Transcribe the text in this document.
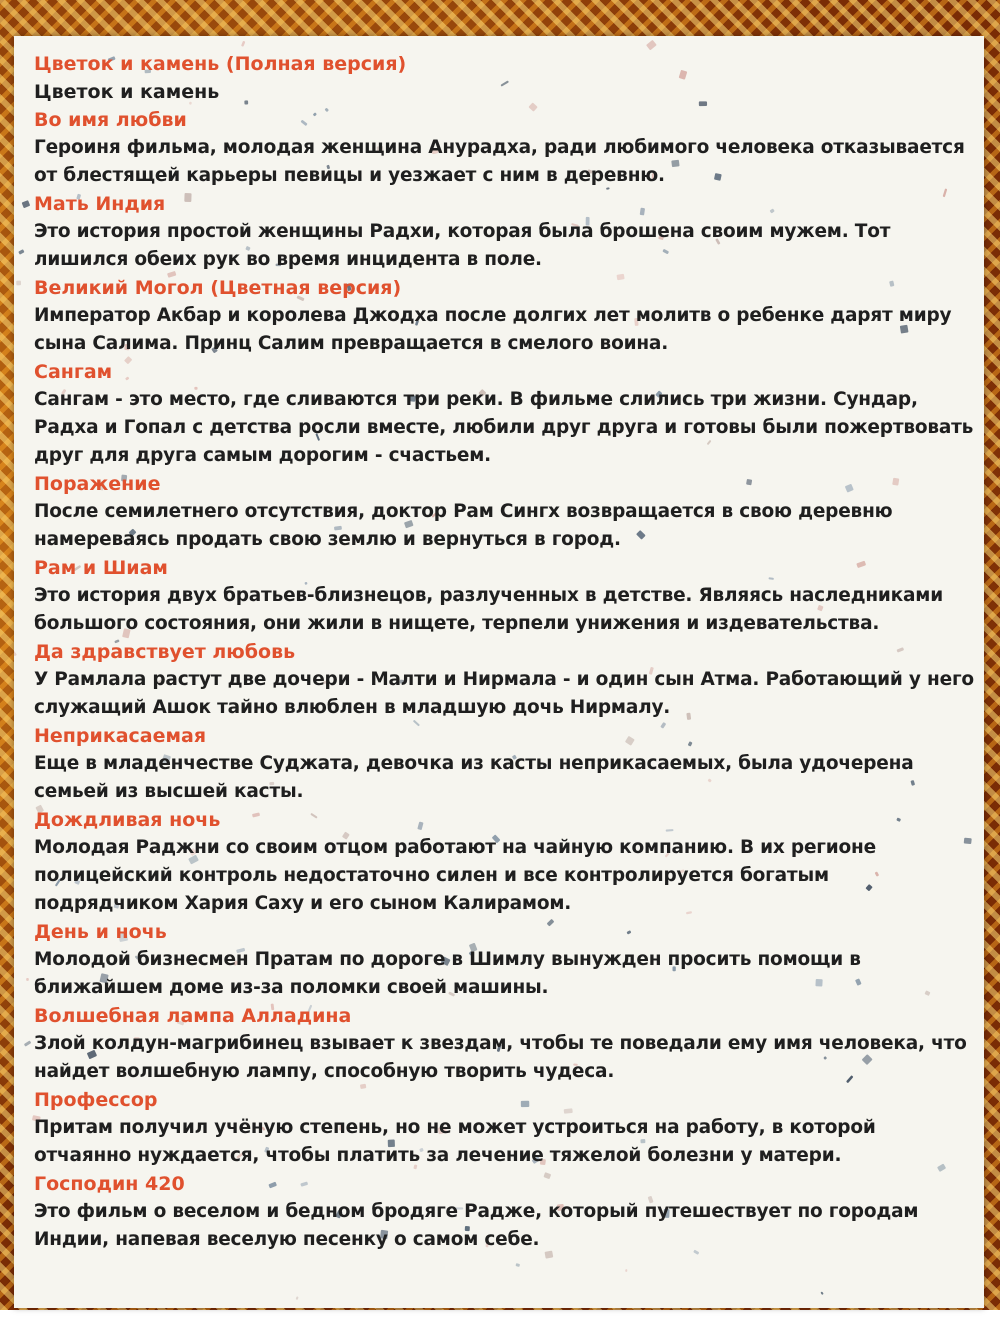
Цветок и камень (Полная версия)
Цветок и камень
Во имя любви
Героиня фильма, молодая женщина Анурадха, ради любимого человека отказывается от блестящей карьеры певицы и уезжает с ним в деревню.
Мать Индия
Это история простой женщины Радхи, которая была брошена своим мужем. Тот лишился обеих рук во время инцидента в поле.
Великий Могол (Цветная версия)
Император Акбар и королева Джодха после долгих лет молитв о ребенке дарят миру сына Салима. Принц Салим превращается в смелого воина.
Сангам
Сангам - это место, где сливаются три реки. В фильме слились три жизни. Сундар, Радха и Гопал с детства росли вместе, любили друг друга и готовы были пожертвовать друг для друга самым дорогим - счастьем.
Поражение
После семилетнего отсутствия, доктор Рам Сингх возвращается в свою деревню намереваясь продать свою землю и вернуться в город.
Рам и Шиам
Это история двух братьев-близнецов, разлученных в детстве. Являясь наследниками большого состояния, они жили в нищете, терпели унижения и издевательства.
Да здравствует любовь
У Рамлала растут две дочери - Малти и Нирмала - и один сын Атма. Работающий у него служащий Ашок тайно влюблен в младшую дочь Нирмалу.
Неприкасаемая
Еще в младенчестве Суджата, девочка из касты неприкасаемых, была удочерена семьей из высшей касты.
Дождливая ночь
Молодая Раджни со своим отцом работают на чайную компанию. В их регионе полицейский контроль недостаточно силен и все контролируется богатым подрядчиком Хария Саху и его сыном Калирамом.
День и ночь
Молодой бизнесмен Пратам по дороге в Шимлу вынужден просить помощи в ближайшем доме из-за поломки своей машины.
Волшебная лампа Алладина
Злой колдун-магрибинец взывает к звездам, чтобы те поведали ему имя человека, что найдет волшебную лампу, способную творить чудеса.
Профессор
Притам получил учёную степень, но не может устроиться на работу, в которой отчаянно нуждается, чтобы платить за лечение тяжелой болезни у матери.
Господин 420
Это фильм о веселом и бедном бродяге Радже, который путешествует по городам Индии, напевая веселую песенку о самом себе.
